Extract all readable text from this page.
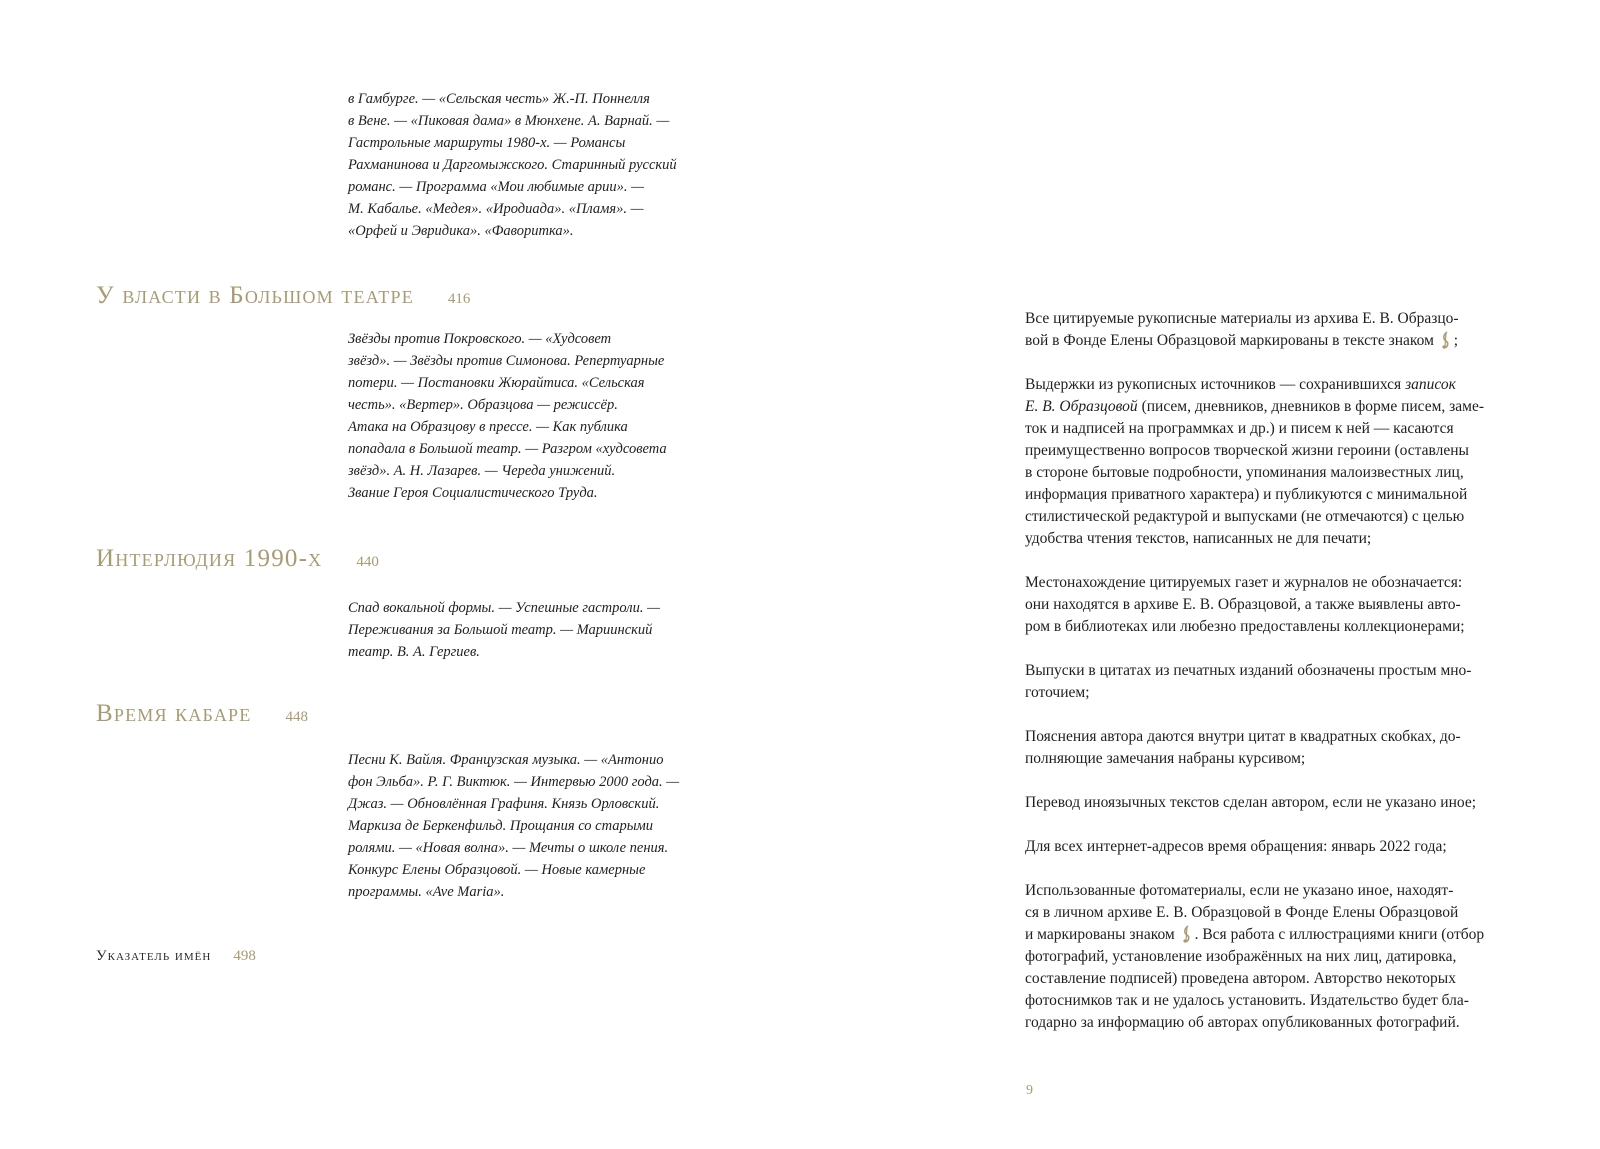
в Гамбурге. — «Сельская честь» Ж.-П. Поннелля

в Вене. — «Пиковая дама» в Мюнхене. А. Варнай. —

Гастрольные маршруты 1980-х. — Романсы

Рахманинова и Даргомыжского. Старинный русский

романс. — Программа «Мои любимые арии». —

М. Кабалье. «Медея». «Иродиада». «Пламя». —

«Орфей и Эвридика». «Фаворитка».

У власти в Большом театре 416

Звёзды против Покровского. — «Худсовет

звёзд». — Звёзды против Симонова. Репертуарные

потери. — Постановки Жюрайтиса. «Сельская

честь». «Вертер». Образцова — режиссёр.

Атака на Образцову в прессе. — Как публика

попадала в Большой театр. — Разгром «худсовета

звёзд». А. Н. Лазарев. — Череда унижений.

Звание Героя Социалистического Труда.

Интерлюдия 1990-х 440

Спад вокальной формы. — Успешные гастроли. —

Переживания за Большой театр. — Мариинский

театр. В. А. Гергиев.

Время кабаре 448

Песни К. Вайля. Французская музыка. — «Антонио

фон Эльба». Р. Г. Виктюк. — Интервью 2000 года. —

Джаз. — Обновлённая Графиня. Князь Орловский.

Маркиза де Беркенфильд. Прощания со старыми

ролями. — «Новая волна». — Мечты о школе пения.

Конкурс Елены Образцовой. — Новые камерные

программы. «Ave Maria».

Указатель имён 498

Все цитируемые рукописные материалы из архива Е. В. Образцо-
вой в Фонде Елены Образцовой маркированы в тексте знаком ;

Выдержки из рукописных источников — сохранившихся записок
Е. В. Образцовой (писем, дневников, дневников в форме писем, заме-
ток и надписей на программках и др.) и писем к ней — касаются
преимущественно вопросов творческой жизни героини (оставлены
в стороне бытовые подробности, упоминания малоизвестных лиц,
информация приватного характера) и публикуются с минимальной
стилистической редактурой и выпусками (не отмечаются) с целью
удобства чтения текстов, написанных не для печати;

Местонахождение цитируемых газет и журналов не обозначается:
они находятся в архиве Е. В. Образцовой, а также выявлены авто-
ром в библиотеках или любезно предоставлены коллекционерами;

Выпуски в цитатах из печатных изданий обозначены простым мно-
готочием;

Пояснения автора даются внутри цитат в квадратных скобках, до-
полняющие замечания набраны курсивом;

Перевод иноязычных текстов сделан автором, если не указано иное;

Для всех интернет-адресов время обращения: январь 2022 года;

Использованные фотоматериалы, если не указано иное, находят-
ся в личном архиве Е. В. Образцовой в Фонде Елены Образцовой
и маркированы знаком . Вся работа с иллюстрациями книги (отбор
фотографий, установление изображённых на них лиц, датировка,
составление подписей) проведена автором. Авторство некоторых
фотоснимков так и не удалось установить. Издательство будет бла-
годарно за информацию об авторах опубликованных фотографий.

9
